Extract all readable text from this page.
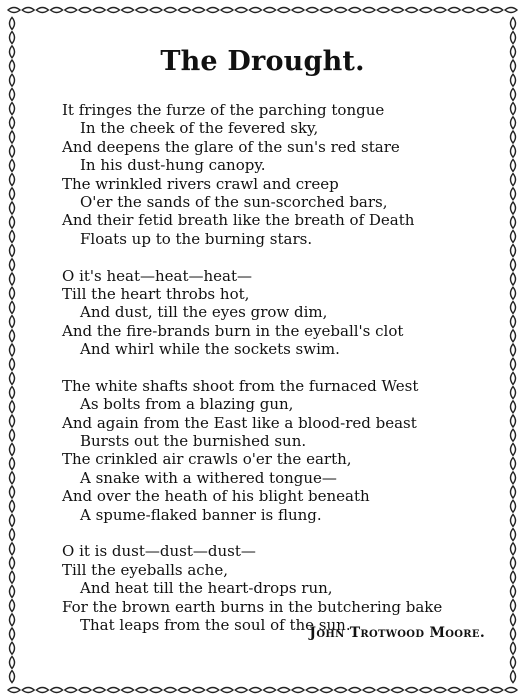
The Drought.
It fringes the furze of the parching tongue
In the cheek of the fevered sky,
And deepens the glare of the sun's red stare
In his dust-hung canopy.
The wrinkled rivers crawl and creep
O'er the sands of the sun-scorched bars,
And their fetid breath like the breath of Death
Floats up to the burning stars.
O it's heat—heat—heat—
Till the heart throbs hot,
And dust, till the eyes grow dim,
And the fire-brands burn in the eyeball's clot
And whirl while the sockets swim.
The white shafts shoot from the furnaced West
As bolts from a blazing gun,
And again from the East like a blood-red beast
Bursts out the burnished sun.
The crinkled air crawls o'er the earth,
A snake with a withered tongue—
And over the heath of his blight beneath
A spume-flaked banner is flung.
O it is dust—dust—dust—
Till the eyeballs ache,
And heat till the heart-drops run,
For the brown earth burns in the butchering bake
That leaps from the soul of the sun.
John Trotwood Moore.
